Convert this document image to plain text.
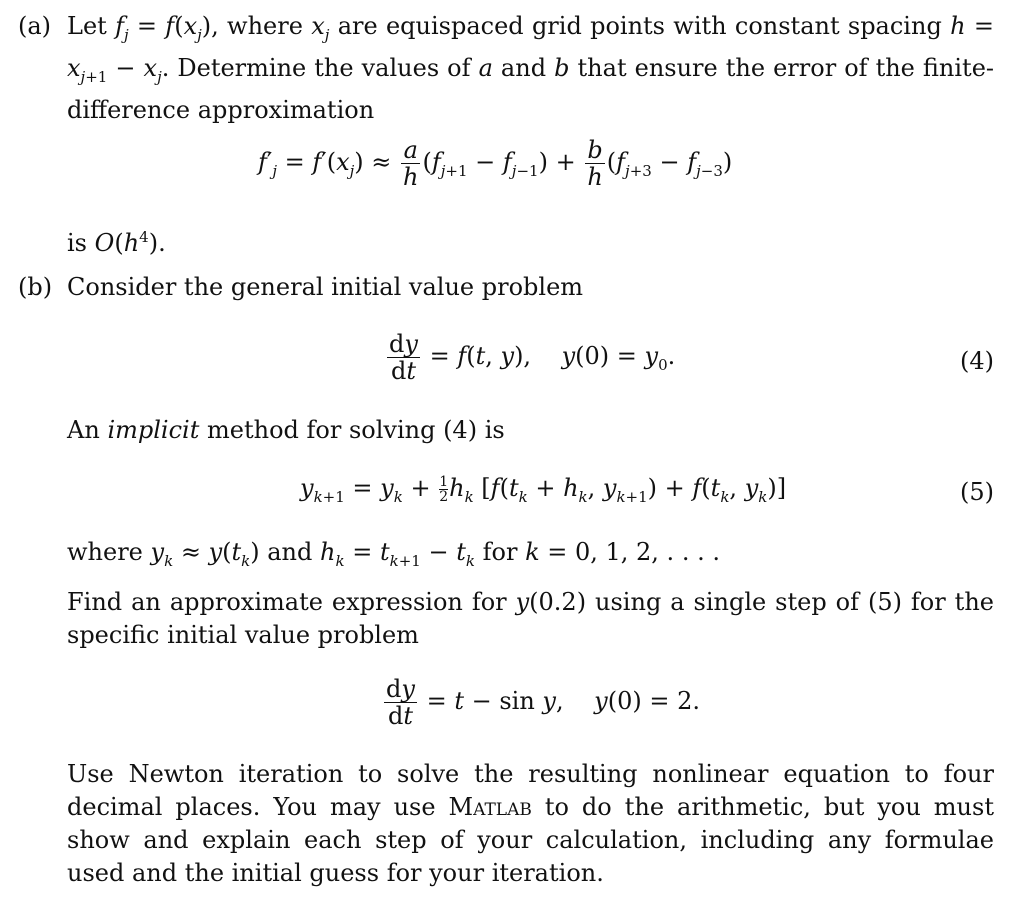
(a) Let $f_j = f(x_j)$, where $x_j$ are equispaced grid points with constant spacing $h = x_{j+1} - x_j$. Determine the values of a and b that ensure the error of the finite-difference approximation
$f'_j = f'(x_j) \approx \frac{a}{h} (f_{j+1} - f_{j-1}) + \frac{b}{h} (f_{j+3} - f_{j-3})$
is $O(h^4)$.
(b) Consider the general initial value problem
$\frac{dy}{dt} = f(t$, y),    $y(0) = y_0$.	(4)
An implicit method for solving (4) is
$y_{k+1} = y_k + \frac{1}{2} h_k$ [$f(t_k + h_k$, $y_{k+1}) + f(t_k$, $y_k$)]	(5)
where $y_k \approx y(t_k)$ and $h_k = t_{k+1} - t_k$ for k = 0, 1, 2, . . . .
Find an approximate expression for y(0.2) using a single step of (5) for the specific initial value problem
$\frac{dy}{dt} = t - \sin y$,    y(0) = 2.
Use Newton iteration to solve the resulting nonlinear equation to four decimal places. You may use Matlab to do the arithmetic, but you must show and explain each step of your calculation, including any formulae used and the initial guess for your iteration.
